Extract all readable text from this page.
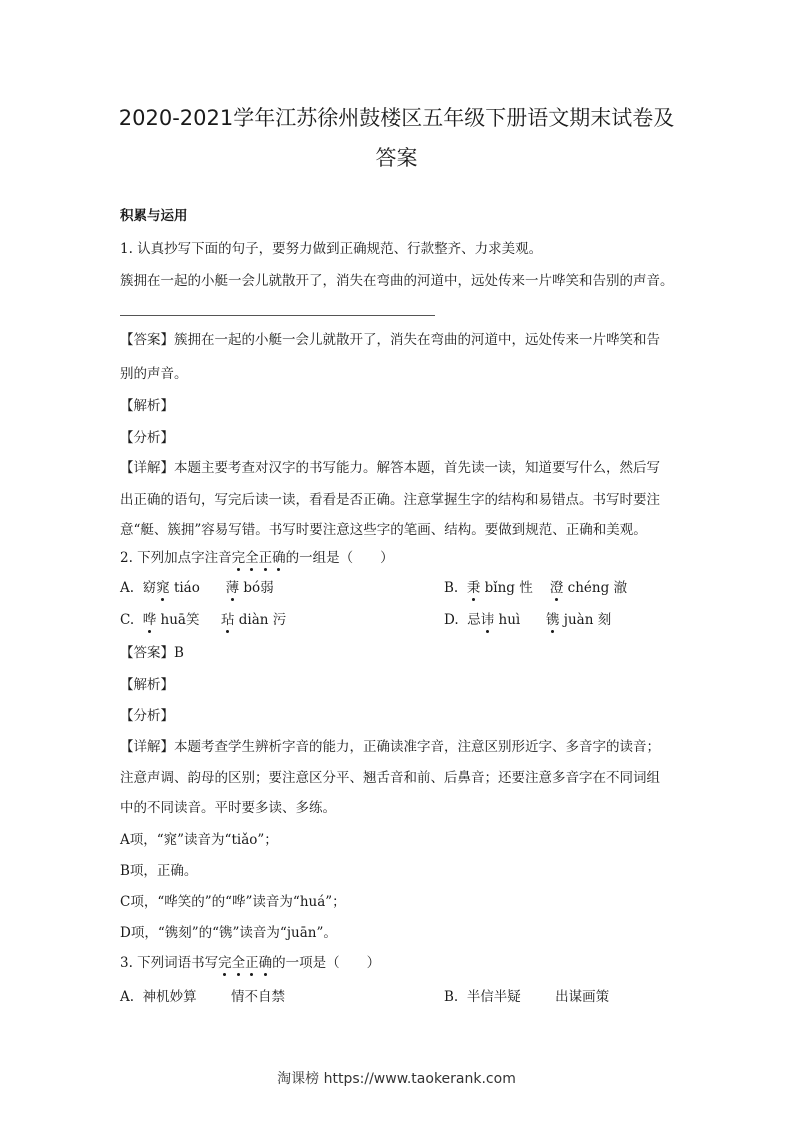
2020-2021学年江苏徐州鼓楼区五年级下册语文期末试卷及
答案
积累与运用
1. 认真抄写下面的句子，要努力做到正确规范、行款整齐、力求美观。
簇拥在一起的小艇一会儿就散开了，消失在弯曲的河道中，远处传来一片哗笑和告别的声音。
【答案】簇拥在一起的小艇一会儿就散开了，消失在弯曲的河道中，远处传来一片哗笑和告
别的声音。
【解析】
【分析】
【详解】本题主要考查对汉字的书写能力。解答本题，首先读一读，知道要写什么，然后写
出正确的语句，写完后读一读，看看是否正确。注意掌握生字的结构和易错点。书写时要注
意“艇、簇拥”容易写错。书写时要注意这些字的笔画、结构。要做到规范、正确和美观。
2. 下列加点字注音完全正确的一组是（　　）
A. 窈窕 tiáo 薄 bó弱	B. 秉 bǐng 性 澄 chéng 澈
C. 哗 huā笑 玷 diàn 污	D. 忌讳 huì 镌 juàn 刻
【答案】B
【解析】
【分析】
【详解】本题考查学生辨析字音的能力，正确读准字音，注意区别形近字、多音字的读音；
注意声调、韵母的区别；要注意区分平、翘舌音和前、后鼻音；还要注意多音字在不同词组
中的不同读音。平时要多读、多练。
A项，“窕”读音为“tiǎo”；
B项，正确。
C项，“哗笑的”的“哗”读音为“huá”；
D项，“镌刻”的“镌”读音为“juān”。
3. 下列词语书写完全正确的一项是（　　）
A. 神机妙算	情不自禁	B. 半信半疑	出谋画策
淘课榜 https://www.taokerank.com
